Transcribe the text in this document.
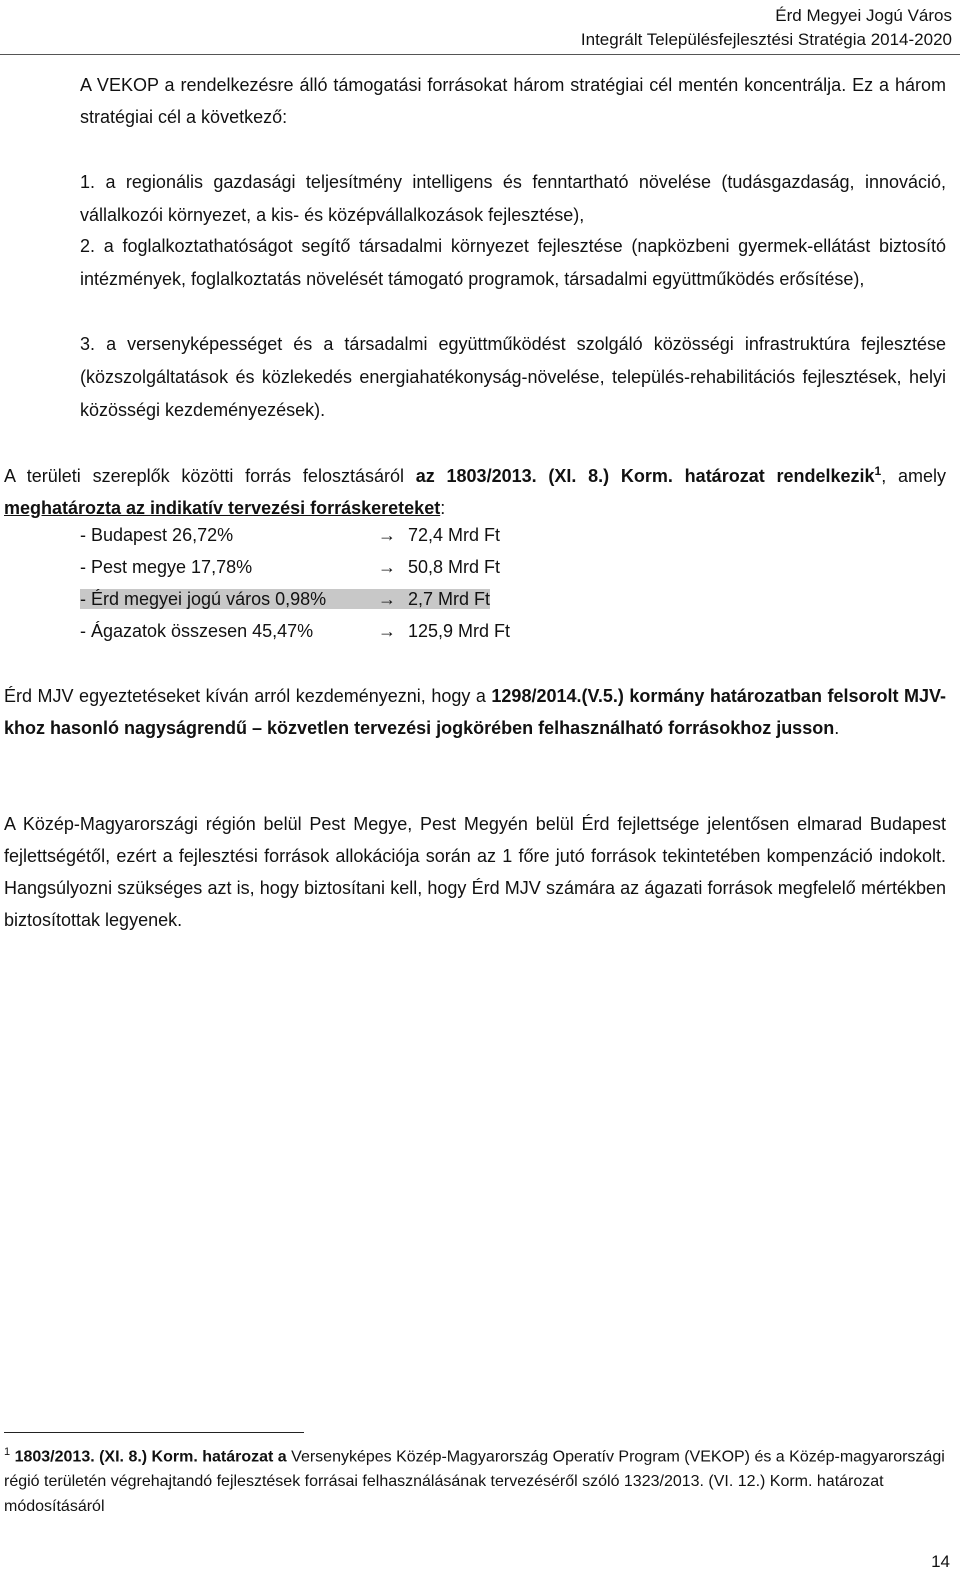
Érd Megyei Jogú Város
Integrált Településfejlesztési Stratégia 2014-2020

A VEKOP a rendelkezésre álló támogatási forrásokat három stratégiai cél mentén koncentrálja. Ez a három stratégiai cél a következő:

1. a regionális gazdasági teljesítmény intelligens és fenntartható növelése (tudásgazdaság, innováció, vállalkozói környezet, a kis- és középvállalkozások fejlesztése),

2. a foglalkoztathatóságot segítő társadalmi környezet fejlesztése (napközbeni gyermek-ellátást biztosító intézmények, foglalkoztatás növelését támogató programok, társadalmi együttműködés erősítése),

3. a versenyképességet és a társadalmi együttműködést szolgáló közösségi infrastruktúra fejlesztése (közszolgáltatások és közlekedés energiahatékonyság-növelése, település-rehabilitációs fejlesztések, helyi közösségi kezdeményezések).

A területi szereplők közötti forrás felosztásáról az 1803/2013. (XI. 8.) Korm. határozat rendelkezik$^1$, amely meghatározta az indikatív tervezési forráskereteket:

- Budapest 26,72%	→ 72,4 Mrd Ft
- Pest megye 17,78%	→ 50,8 Mrd Ft
- Érd megyei jogú város 0,98%	→ 2,7 Mrd Ft
- Ágazatok összesen 45,47%	→ 125,9 Mrd Ft

Érd MJV egyeztetéseket kíván arról kezdeményezni, hogy a 1298/2014.(V.5.) kormány határozatban felsorolt MJV-khoz hasonló nagyságrendű – közvetlen tervezési jogkörében felhasználható forrásokhoz jusson.

A Közép-Magyarországi régión belül Pest Megye, Pest Megyén belül Érd fejlettsége jelentősen elmarad Budapest fejlettségétől, ezért a fejlesztési források allokációja során az 1 főre jutó források tekintetében kompenzáció indokolt. Hangsúlyozni szükséges azt is, hogy biztosítani kell, hogy Érd MJV számára az ágazati források megfelelő mértékben biztosítottak legyenek.

$^1$ 1803/2013. (XI. 8.) Korm. határozat a Versenyképes Közép-Magyarország Operatív Program (VEKOP) és a Közép-magyarországi régió területén végrehajtandó fejlesztések forrásai felhasználásának tervezéséről szóló 1323/2013. (VI. 12.) Korm. határozat módosításáról

14
